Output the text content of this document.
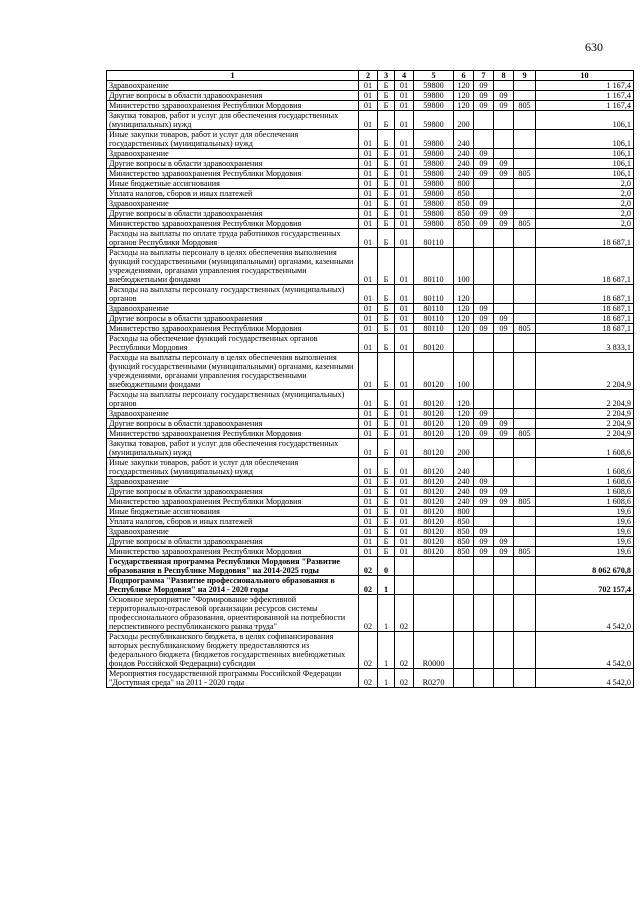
630
1	2	3	4	5	6	7	8	9	10
Здравоохранение	01	Б	01	59800	120	09			1 167,4
Другие вопросы в области здравоохранения	01	Б	01	59800	120	09	09		1 167,4
Министерство здравоохранения Республики Мордовия	01	Б	01	59800	120	09	09	805	1 167,4
Закупка товаров, работ и услуг для обеспечения государственных (муниципальных) нужд	01	Б	01	59800	200				106,1
Иные закупки товаров, работ и услуг для обеспечения государственных (муниципальных) нужд	01	Б	01	59800	240				106,1
Здравоохранение	01	Б	01	59800	240	09			106,1
Другие вопросы в области здравоохранения	01	Б	01	59800	240	09	09		106,1
Министерство здравоохранения Республики Мордовия	01	Б	01	59800	240	09	09	805	106,1
Иные бюджетные ассигнования	01	Б	01	59800	800				2,0
Уплата налогов, сборов и иных платежей	01	Б	01	59800	850				2,0
Здравоохранение	01	Б	01	59800	850	09			2,0
Другие вопросы в области здравоохранения	01	Б	01	59800	850	09	09		2,0
Министерство здравоохранения Республики Мордовия	01	Б	01	59800	850	09	09	805	2,0
Расходы на выплаты по оплате труда работников государственных органов Республики Мордовия	01	Б	01	80110					18 687,1
Расходы на выплаты персоналу в целях обеспечения выполнения функций государственными (муниципальными) органами, казенными учреждениями, органами управления государственными внебюджетными фондами	01	Б	01	80110	100				18 687,1
Расходы на выплаты персоналу государственных (муниципальных) органов	01	Б	01	80110	120				18 687,1
Здравоохранение	01	Б	01	80110	120	09			18 687,1
Другие вопросы в области здравоохранения	01	Б	01	80110	120	09	09		18 687,1
Министерство здравоохранения Республики Мордовия	01	Б	01	80110	120	09	09	805	18 687,1
Расходы на обеспечение функций государственных органов Республики Мордовия	01	Б	01	80120					3 833,1
Расходы на выплаты персоналу в целях обеспечения выполнения функций государственными (муниципальными) органами, казенными учреждениями, органами управления государственными внебюджетными фондами	01	Б	01	80120	100				2 204,9
Расходы на выплаты персоналу государственных (муниципальных) органов	01	Б	01	80120	120				2 204,9
Здравоохранение	01	Б	01	80120	120	09			2 204,9
Другие вопросы в области здравоохранения	01	Б	01	80120	120	09	09		2 204,9
Министерство здравоохранения Республики Мордовия	01	Б	01	80120	120	09	09	805	2 204,9
Закупка товаров, работ и услуг для обеспечения государственных (муниципальных) нужд	01	Б	01	80120	200				1 608,6
Иные закупки товаров, работ и услуг для обеспечения государственных (муниципальных) нужд	01	Б	01	80120	240				1 608,6
Здравоохранение	01	Б	01	80120	240	09			1 608,6
Другие вопросы в области здравоохранения	01	Б	01	80120	240	09	09		1 608,6
Министерство здравоохранения Республики Мордовия	01	Б	01	80120	240	09	09	805	1 608,6
Иные бюджетные ассигнования	01	Б	01	80120	800				19,6
Уплата налогов, сборов и иных платежей	01	Б	01	80120	850				19,6
Здравоохранение	01	Б	01	80120	850	09			19,6
Другие вопросы в области здравоохранения	01	Б	01	80120	850	09	09		19,6
Министерство здравоохранения Республики Мордовия	01	Б	01	80120	850	09	09	805	19,6
Государственная программа Республики Мордовия "Развитие образования в Республике Мордовия" на 2014-2025 годы	02	0							8 062 670,8
Подпрограмма "Развитие профессионального образования в Республике Мордовия" на 2014 - 2020 годы	02	1							702 157,4
Основное мероприятие "Формирование эффективной территориально-отраслевой организации ресурсов системы профессионального образования, ориентированной на потребности перспективного республиканского рынка труда"	02	1	02						4 542,0
Расходы республиканского бюджета, в целях софинансирования которых республиканскому бюджету предоставляются из федерального бюджета (бюджетов государственных внебюджетных фондов Российской Федерации) субсидии	02	1	02	R0000					4 542,0
Мероприятия государственной программы Российской Федерации "Доступная среда" на 2011 - 2020 годы	02	1	02	R0270					4 542,0
